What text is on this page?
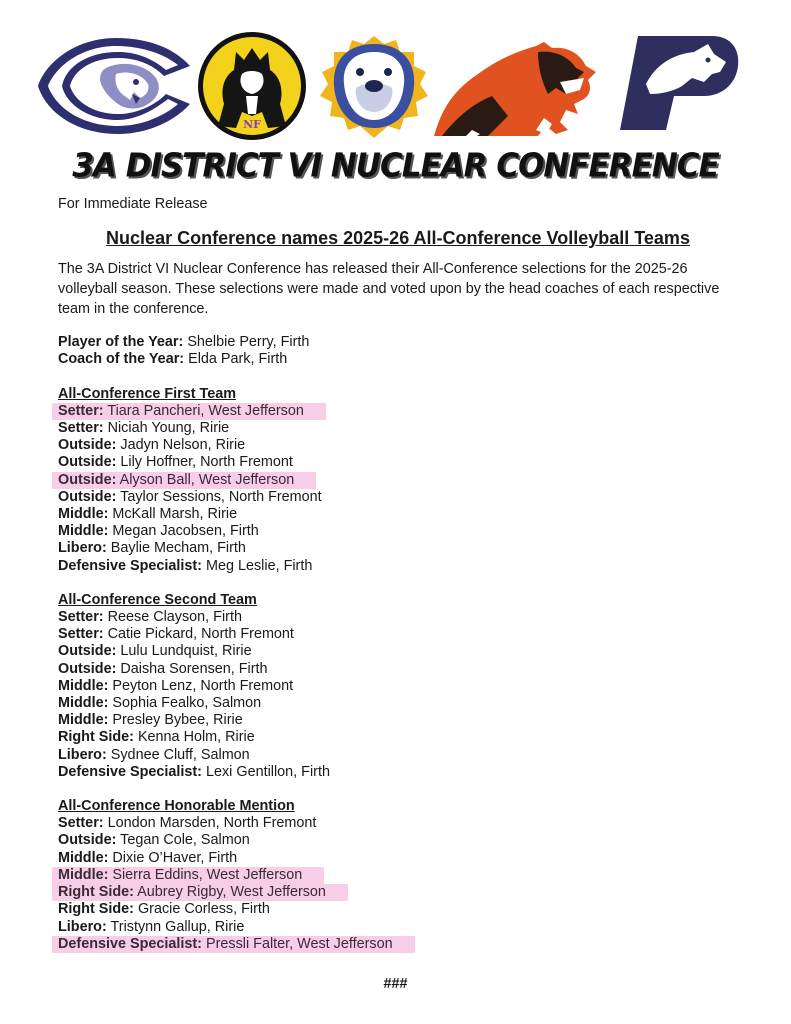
NF
3A DISTRICT VI NUCLEAR CONFERENCE

For Immediate Release

Nuclear Conference names 2025-26 All-Conference Volleyball Teams

The 3A District VI Nuclear Conference has released their All-Conference selections for the 2025-26 volleyball season. These selections were made and voted upon by the head coaches of each respective team in the conference.

Player of the Year: Shelbie Perry, Firth
Coach of the Year: Elda Park, Firth
All-Conference First Team
Setter: Tiara Pancheri, West Jefferson
Setter: Niciah Young, Ririe
Outside: Jadyn Nelson, Ririe
Outside: Lily Hoffner, North Fremont
Outside: Alyson Ball, West Jefferson
Outside: Taylor Sessions, North Fremont
Middle: McKall Marsh, Ririe
Middle: Megan Jacobsen, Firth
Libero: Baylie Mecham, Firth
Defensive Specialist: Meg Leslie, Firth
All-Conference Second Team
Setter: Reese Clayson, Firth
Setter: Catie Pickard, North Fremont
Outside: Lulu Lundquist, Ririe
Outside: Daisha Sorensen, Firth
Middle: Peyton Lenz, North Fremont
Middle: Sophia Fealko, Salmon
Middle: Presley Bybee, Ririe
Right Side: Kenna Holm, Ririe
Libero: Sydnee Cluff, Salmon
Defensive Specialist: Lexi Gentillon, Firth
All-Conference Honorable Mention
Setter: London Marsden, North Fremont
Outside: Tegan Cole, Salmon
Middle: Dixie O’Haver, Firth
Middle: Sierra Eddins, West Jefferson
Right Side: Aubrey Rigby, West Jefferson
Right Side: Gracie Corless, Firth
Libero: Tristynn Gallup, Ririe
Defensive Specialist: Pressli Falter, West Jefferson
###
